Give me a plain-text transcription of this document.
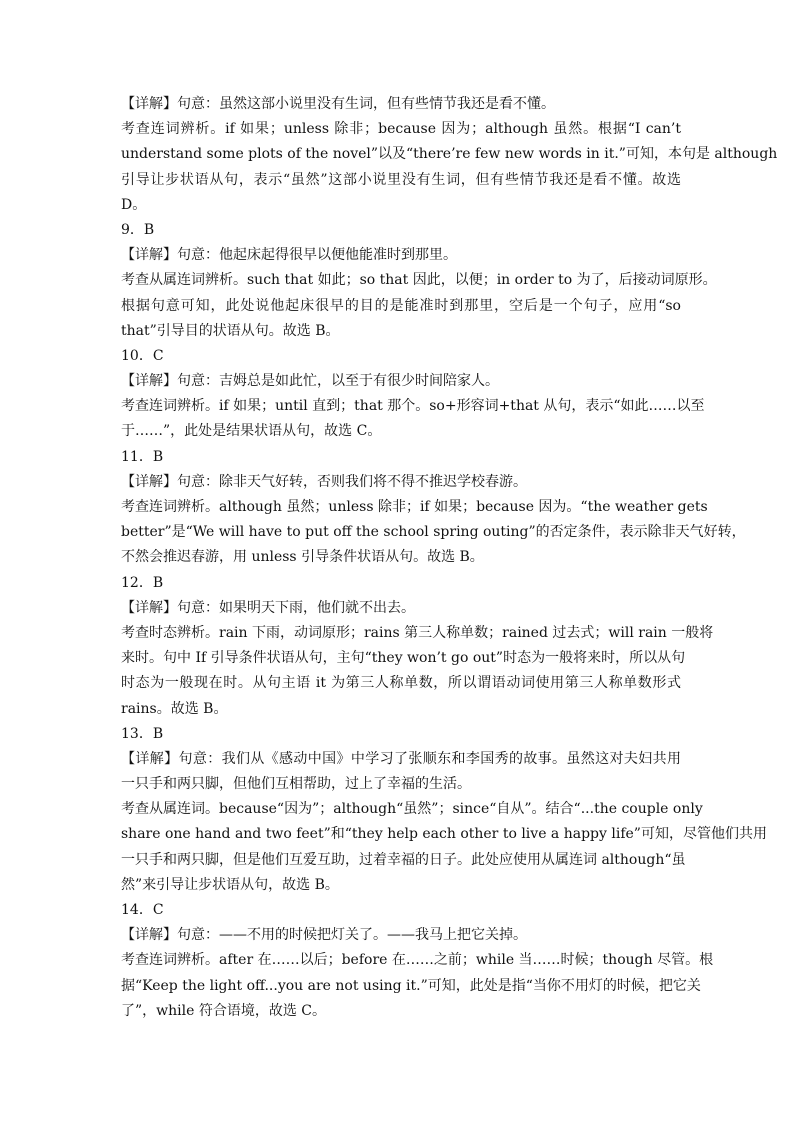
【详解】句意：虽然这部小说里没有生词，但有些情节我还是看不懂。
考查连词辨析。if 如果；unless 除非；because 因为；although 虽然。根据“I can’t
understand some plots of the novel”以及“there’re few new words in it.”可知，本句是 although
引导让步状语从句，表示“虽然”这部小说里没有生词，但有些情节我还是看不懂。故选
D。
9．B
【详解】句意：他起床起得很早以便他能准时到那里。
考查从属连词辨析。such that 如此；so that 因此，以便；in order to 为了，后接动词原形。
根据句意可知，此处说他起床很早的目的是能准时到那里，空后是一个句子，应用“so
that”引导目的状语从句。故选 B。
10．C
【详解】句意：吉姆总是如此忙，以至于有很少时间陪家人。
考查连词辨析。if 如果；until 直到；that 那个。so+形容词+that 从句，表示“如此……以至
于……”，此处是结果状语从句，故选 C。
11．B
【详解】句意：除非天气好转，否则我们将不得不推迟学校春游。
考查连词辨析。although 虽然；unless 除非；if 如果；because 因为。“the weather gets
better”是“We will have to put off the school spring outing”的否定条件，表示除非天气好转，
不然会推迟春游，用 unless 引导条件状语从句。故选 B。
12．B
【详解】句意：如果明天下雨，他们就不出去。
考查时态辨析。rain 下雨，动词原形；rains 第三人称单数；rained 过去式；will rain 一般将
来时。句中 If 引导条件状语从句，主句“they won’t go out”时态为一般将来时，所以从句
时态为一般现在时。从句主语 it 为第三人称单数，所以谓语动词使用第三人称单数形式
rains。故选 B。
13．B
【详解】句意：我们从《感动中国》中学习了张顺东和李国秀的故事。虽然这对夫妇共用
一只手和两只脚，但他们互相帮助，过上了幸福的生活。
考查从属连词。because“因为”；although“虽然”；since“自从”。结合“...the couple only
share one hand and two feet”和“they help each other to live a happy life”可知，尽管他们共用
一只手和两只脚，但是他们互爱互助，过着幸福的日子。此处应使用从属连词 although“虽
然”来引导让步状语从句，故选 B。
14．C
【详解】句意：——不用的时候把灯关了。——我马上把它关掉。
考查连词辨析。after 在……以后；before 在……之前；while 当……时候；though 尽管。根
据“Keep the light off...you are not using it.”可知，此处是指“当你不用灯的时候，把它关
了”，while 符合语境，故选 C。
